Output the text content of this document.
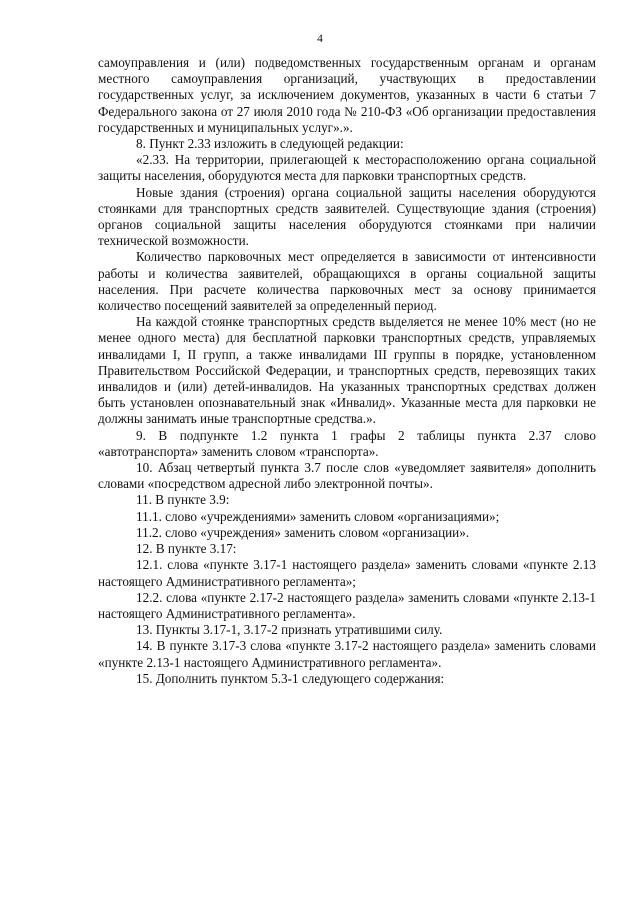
4

самоуправления и (или) подведомственных государственным органам и органам местного самоуправления организаций, участвующих в предоставлении государственных услуг, за исключением документов, указанных в части 6 статьи 7 Федерального закона от 27 июля 2010 года № 210-ФЗ «Об организации предоставления государственных и муниципальных услуг».».

8. Пункт 2.33 изложить в следующей редакции:

«2.33. На территории, прилегающей к месторасположению органа социальной защиты населения, оборудуются места для парковки транспортных средств.

Новые здания (строения) органа социальной защиты населения оборудуются стоянками для транспортных средств заявителей. Существующие здания (строения) органов социальной защиты населения оборудуются стоянками при наличии технической возможности.

Количество парковочных мест определяется в зависимости от интенсивности работы и количества заявителей, обращающихся в органы социальной защиты населения. При расчете количества парковочных мест за основу принимается количество посещений заявителей за определенный период.

На каждой стоянке транспортных средств выделяется не менее 10% мест (но не менее одного места) для бесплатной парковки транспортных средств, управляемых инвалидами I, II групп, а также инвалидами III группы в порядке, установленном Правительством Российской Федерации, и транспортных средств, перевозящих таких инвалидов и (или) детей-инвалидов. На указанных транспортных средствах должен быть установлен опознавательный знак «Инвалид». Указанные места для парковки не должны занимать иные транспортные средства.».

9. В подпункте 1.2 пункта 1 графы 2 таблицы пункта 2.37 слово «автотранспорта» заменить словом «транспорта».

10. Абзац четвертый пункта 3.7 после слов «уведомляет заявителя» дополнить словами «посредством адресной либо электронной почты».

11. В пункте 3.9:

11.1. слово «учреждениями» заменить словом «организациями»;

11.2. слово «учреждения» заменить словом «организации».

12. В пункте 3.17:

12.1. слова «пункте 3.17-1 настоящего раздела» заменить словами «пункте 2.13 настоящего Административного регламента»;

12.2. слова «пункте 2.17-2 настоящего раздела» заменить словами «пункте 2.13-1 настоящего Административного регламента».

13. Пункты 3.17-1, 3.17-2 признать утратившими силу.

14. В пункте 3.17-3 слова «пункте 3.17-2 настоящего раздела» заменить словами «пункте 2.13-1 настоящего Административного регламента».

15. Дополнить пунктом 5.3-1 следующего содержания:
